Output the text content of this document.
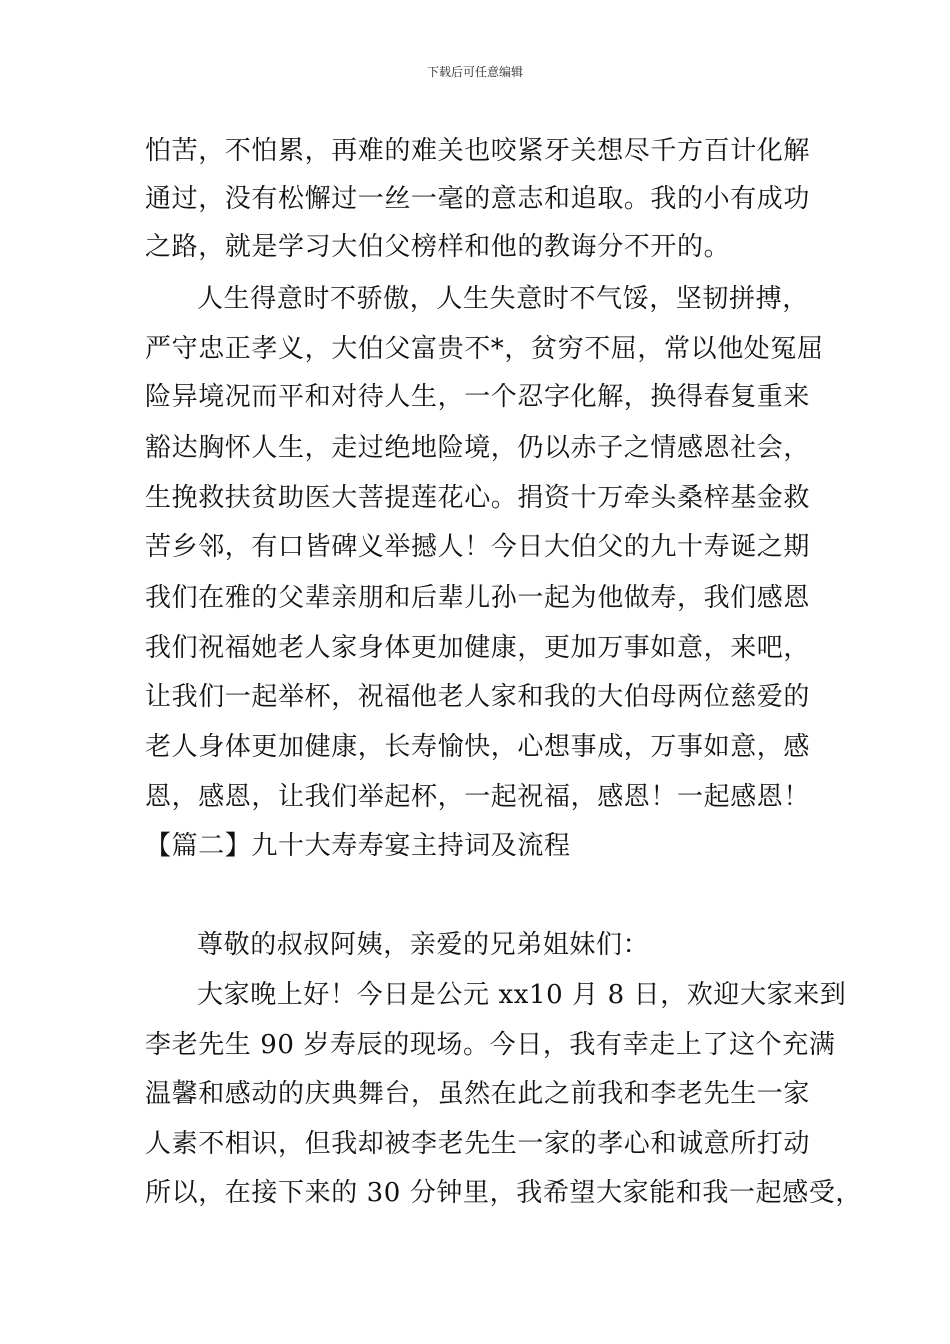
下载后可任意编辑
怕苦，不怕累，再难的难关也咬紧牙关想尽千方百计化解
通过，没有松懈过一丝一毫的意志和追取。我的小有成功
之路，就是学习大伯父榜样和他的教诲分不开的。
人生得意时不骄傲，人生失意时不气馁，坚韧拼搏，
严守忠正孝义，大伯父富贵不*，贫穷不屈，常以他处冤屈
险异境况而平和对待人生，一个忍字化解，换得春复重来
豁达胸怀人生，走过绝地险境，仍以赤子之情感恩社会，
生挽救扶贫助医大菩提莲花心。捐资十万牵头桑梓基金救
苦乡邻，有口皆碑义举撼人！今日大伯父的九十寿诞之期
我们在雅的父辈亲朋和后辈儿孙一起为他做寿，我们感恩
我们祝福她老人家身体更加健康，更加万事如意，来吧，
让我们一起举杯，祝福他老人家和我的大伯母两位慈爱的
老人身体更加健康，长寿愉快，心想事成，万事如意，感
恩，感恩，让我们举起杯，一起祝福，感恩！一起感恩！
【篇二】九十大寿寿宴主持词及流程
尊敬的叔叔阿姨，亲爱的兄弟姐妹们：
大家晚上好！今日是公元 xx10 月 8 日，欢迎大家来到
李老先生 90 岁寿辰的现场。今日，我有幸走上了这个充满
温馨和感动的庆典舞台，虽然在此之前我和李老先生一家
人素不相识，但我却被李老先生一家的孝心和诚意所打动
所以，在接下来的 30 分钟里，我希望大家能和我一起感受，
